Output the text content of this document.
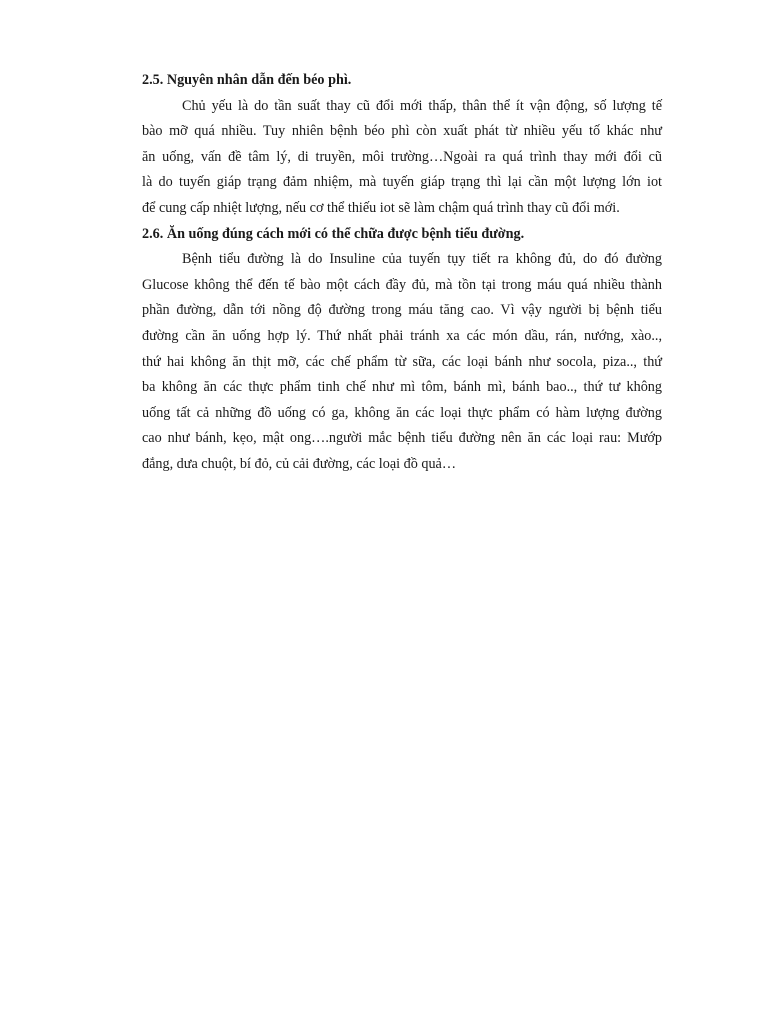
2.5. Nguyên nhân dẫn đến béo phì.

Chủ yếu là do tần suất thay cũ đổi mới thấp, thân thể ít vận động, số lượng tế
bào mỡ quá nhiều. Tuy nhiên bệnh béo phì còn xuất phát từ nhiều yếu tố khác như
ăn uống, vấn đề tâm lý, di truyền, môi trường…Ngoài ra quá trình thay mới đổi cũ
là do tuyến giáp trạng đảm nhiệm, mà tuyến giáp trạng thì lại cần một lượng lớn iot
để cung cấp nhiệt lượng, nếu cơ thể thiếu iot sẽ làm chậm quá trình thay cũ đổi mới.

2.6. Ăn uống đúng cách mới có thể chữa được bệnh tiểu đường.

Bệnh tiểu đường là do Insuline của tuyến tụy tiết ra không đủ, do đó đường
Glucose không thể đến tế bào một cách đầy đủ, mà tồn tại trong máu quá nhiều thành
phần đường, dẫn tới nồng độ đường trong máu tăng cao. Vì vậy người bị bệnh tiểu
đường cần ăn uống hợp lý. Thứ nhất phải tránh xa các món dầu, rán, nướng, xào..,
thứ hai không ăn thịt mỡ, các chế phẩm từ sữa, các loại bánh như socola, piza.., thứ
ba không ăn các thực phẩm tinh chế như mì tôm, bánh mì, bánh bao.., thứ tư không
uống tất cả những đồ uống có ga, không ăn các loại thực phẩm có hàm lượng đường
cao như bánh, kẹo, mật ong….người mắc bệnh tiểu đường nên ăn các loại rau: Mướp
đắng, dưa chuột, bí đỏ, củ cải đường, các loại đồ quả…
